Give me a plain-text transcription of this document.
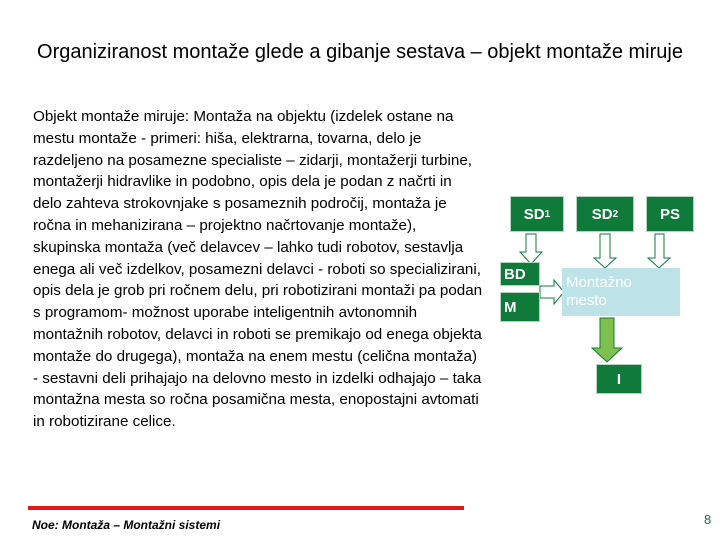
Organiziranost montaže glede a gibanje sestava – objekt montaže miruje

Objekt montaže miruje: Montaža na objektu (izdelek ostane na mestu montaže - primeri: hiša, elektrarna, tovarna, delo je razdeljeno na posamezne specialiste – zidarji, montažerji turbine, montažerji hidravlike in podobno, opis dela je podan z načrti in delo zahteva strokovnjake s posameznih področij, montaža je ročna in mehanizirana – projektno načrtovanje montaže), skupinska montaža (več delavcev – lahko tudi robotov, sestavlja enega ali več izdelkov, posamezni delavci - roboti so specializirani, opis dela je grob pri ročnem delu, pri robotizirani montaži pa podan s programom- možnost uporabe inteligentnih avtonomnih montažnih robotov, delavci in roboti se premikajo od enega objekta montaže do drugega), montaža na enem mestu (celična montaža) - sestavni deli prihajajo na delovno mesto in izdelki odhajajo – taka montažna mesta so ročna posamična mesta, enopostajni avtomati in robotizirane celice.

SD 1	SD 2	PS
BD
M
Montažno
mesto
I
Noe: Montaža – Montažni sistemi	8
